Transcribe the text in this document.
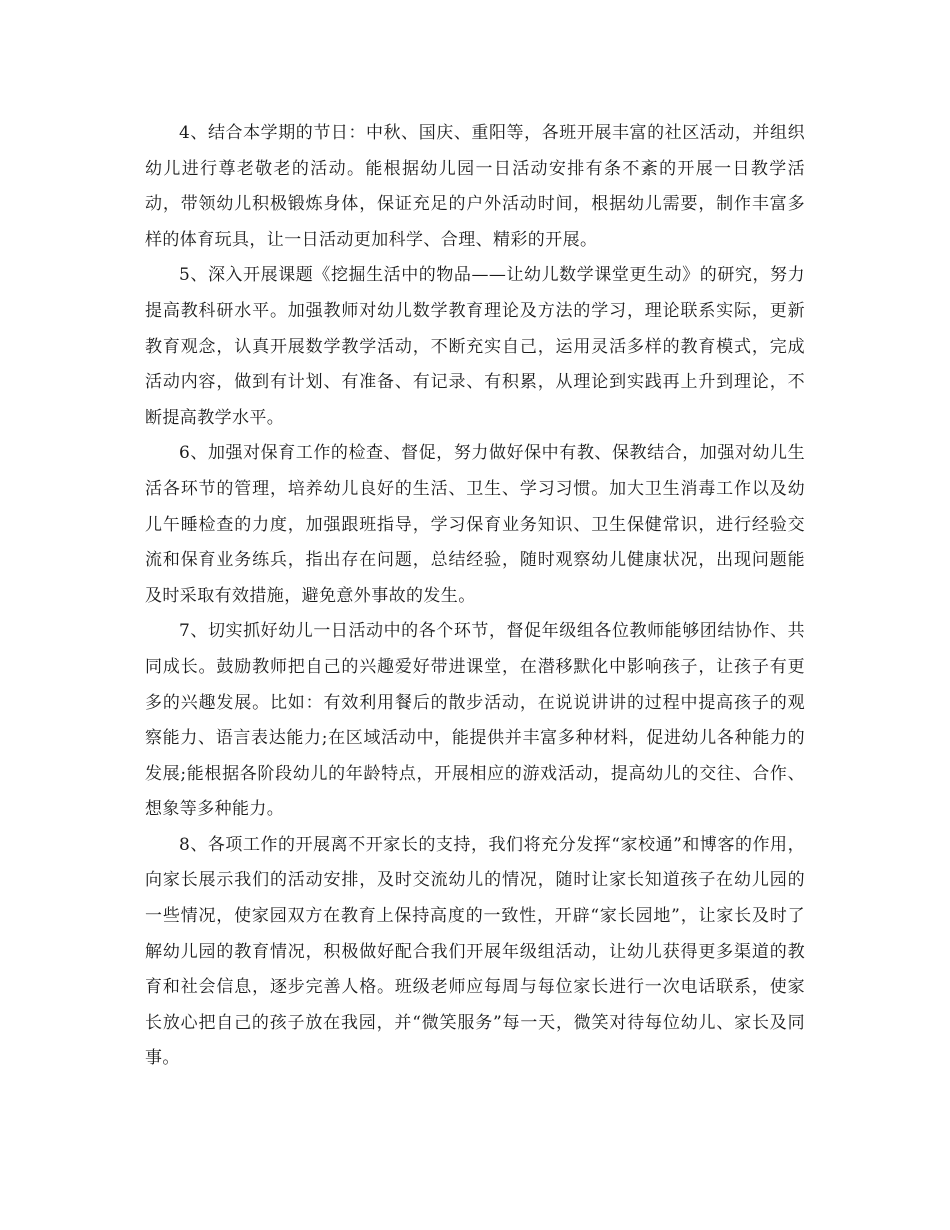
4、结合本学期的节日：中秋、国庆、重阳等，各班开展丰富的社区活动，并组织幼儿进行尊老敬老的活动。能根据幼儿园一日活动安排有条不紊的开展一日教学活动，带领幼儿积极锻炼身体，保证充足的户外活动时间，根据幼儿需要，制作丰富多样的体育玩具，让一日活动更加科学、合理、精彩的开展。

5、深入开展课题《挖掘生活中的物品——让幼儿数学课堂更生动》的研究，努力提高教科研水平。加强教师对幼儿数学教育理论及方法的学习，理论联系实际，更新教育观念，认真开展数学教学活动，不断充实自己，运用灵活多样的教育模式，完成活动内容，做到有计划、有准备、有记录、有积累，从理论到实践再上升到理论，不断提高教学水平。

6、加强对保育工作的检查、督促，努力做好保中有教、保教结合，加强对幼儿生活各环节的管理，培养幼儿良好的生活、卫生、学习习惯。加大卫生消毒工作以及幼儿午睡检查的力度，加强跟班指导，学习保育业务知识、卫生保健常识，进行经验交流和保育业务练兵，指出存在问题，总结经验，随时观察幼儿健康状况，出现问题能及时采取有效措施，避免意外事故的发生。

7、切实抓好幼儿一日活动中的各个环节，督促年级组各位教师能够团结协作、共同成长。鼓励教师把自己的兴趣爱好带进课堂，在潜移默化中影响孩子，让孩子有更多的兴趣发展。比如：有效利用餐后的散步活动，在说说讲讲的过程中提高孩子的观察能力、语言表达能力;在区域活动中，能提供并丰富多种材料，促进幼儿各种能力的发展;能根据各阶段幼儿的年龄特点，开展相应的游戏活动，提高幼儿的交往、合作、想象等多种能力。

8、各项工作的开展离不开家长的支持，我们将充分发挥“家校通”和博客的作用，向家长展示我们的活动安排，及时交流幼儿的情况，随时让家长知道孩子在幼儿园的一些情况，使家园双方在教育上保持高度的一致性，开辟“家长园地”，让家长及时了解幼儿园的教育情况，积极做好配合我们开展年级组活动，让幼儿获得更多渠道的教育和社会信息，逐步完善人格。班级老师应每周与每位家长进行一次电话联系，使家长放心把自己的孩子放在我园，并“微笑服务”每一天，微笑对待每位幼儿、家长及同事。
